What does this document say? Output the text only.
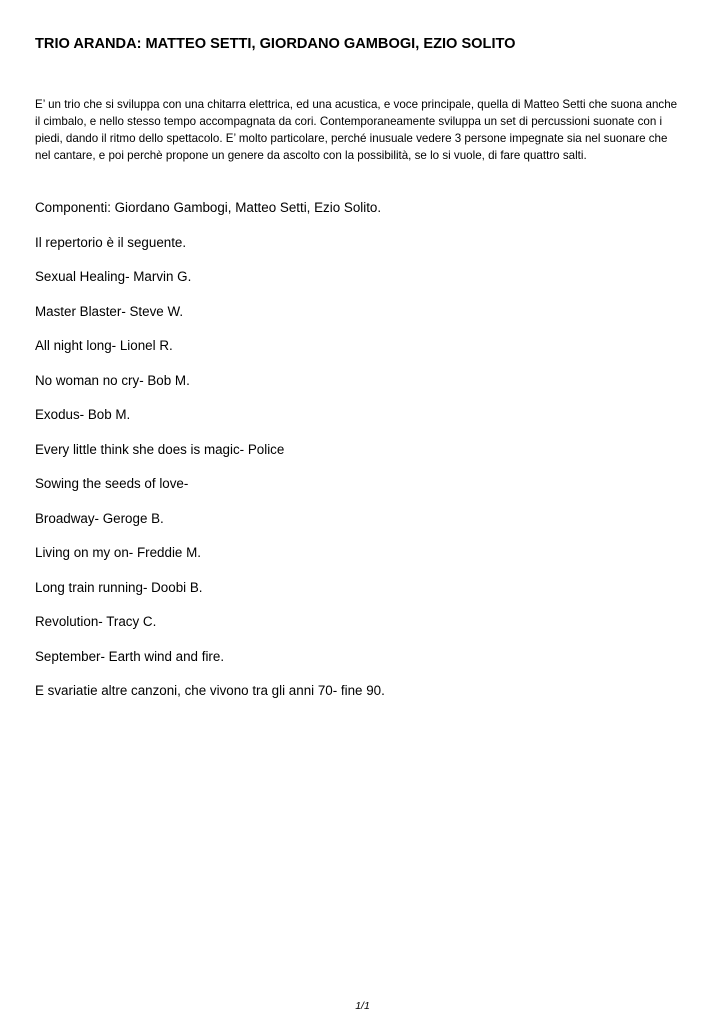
TRIO ARANDA: MATTEO SETTI, GIORDANO GAMBOGI, EZIO SOLITO

E’ un trio che si sviluppa con una chitarra elettrica, ed una acustica, e voce principale, quella di Matteo Setti che suona anche il cimbalo, e nello stesso tempo accompagnata da cori. Contemporaneamente sviluppa un set di percussioni suonate con i piedi, dando il ritmo dello spettacolo. E’ molto particolare, perché inusuale vedere 3 persone impegnate sia nel suonare che nel cantare, e poi perchè propone un genere da ascolto con la possibilità, se lo si vuole, di fare quattro salti.

Componenti: Giordano Gambogi, Matteo Setti, Ezio Solito.

Il repertorio è il seguente.

Sexual Healing- Marvin G.

Master Blaster- Steve W.

All night long- Lionel R.

No woman no cry- Bob M.

Exodus- Bob M.

Every little think she does is magic- Police

Sowing the seeds of love-

Broadway- Geroge B.

Living on my on- Freddie M.

Long train running- Doobi B.

Revolution- Tracy C.

September- Earth wind and fire.

E svariatie altre canzoni, che vivono tra gli anni 70- fine 90.

1/1
